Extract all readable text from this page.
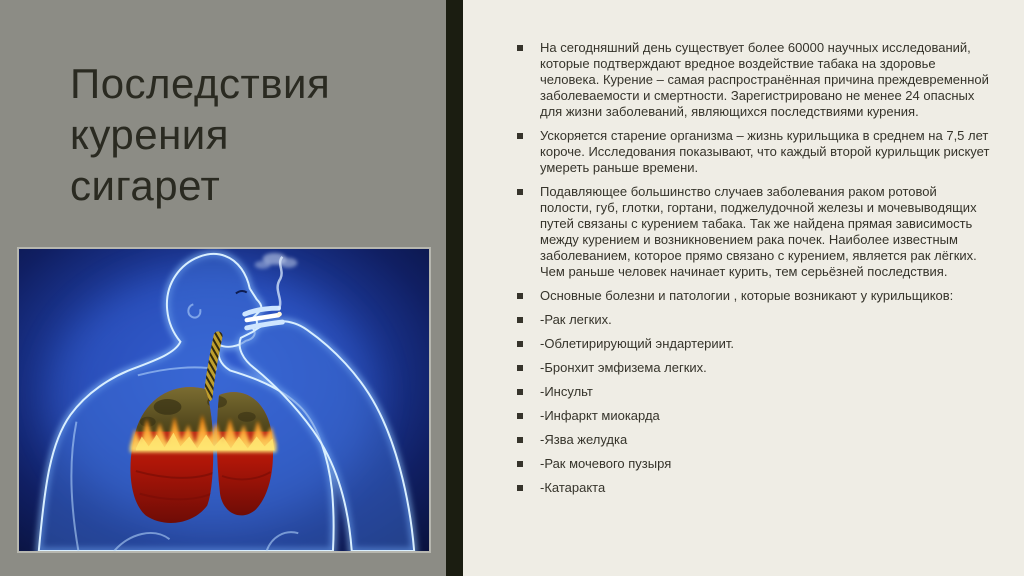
Последствия курения сигарет
На сегодняшний день существует более 60000 научных исследований, которые подтверждают вредное воздействие табака на здоровье человека. Курение – самая распространённая причина преждевременной заболеваемости и смертности. Зарегистрировано не менее 24 опасных для жизни заболеваний, являющихся последствиями курения.
Ускоряется старение организма – жизнь курильщика в среднем на 7,5 лет короче. Исследования показывают, что каждый второй курильщик рискует умереть раньше времени.
Подавляющее большинство случаев заболевания раком ротовой полости, губ, глотки, гортани, поджелудочной железы и мочевыводящих путей связаны с курением табака. Так же найдена прямая зависимость между курением и возникновением рака почек. Наиболее известным заболеванием, которое прямо связано с курением, является рак лёгких. Чем раньше человек начинает курить, тем серьёзней последствия.
Основные болезни и патологии , которые возникают у курильщиков:
-Рак легких.
-Облетирирующий эндартериит.
-Бронхит эмфизема легких.
-Инсульт
-Инфаркт миокарда
-Язва желудка
-Рак мочевого пузыря
-Катаракта
